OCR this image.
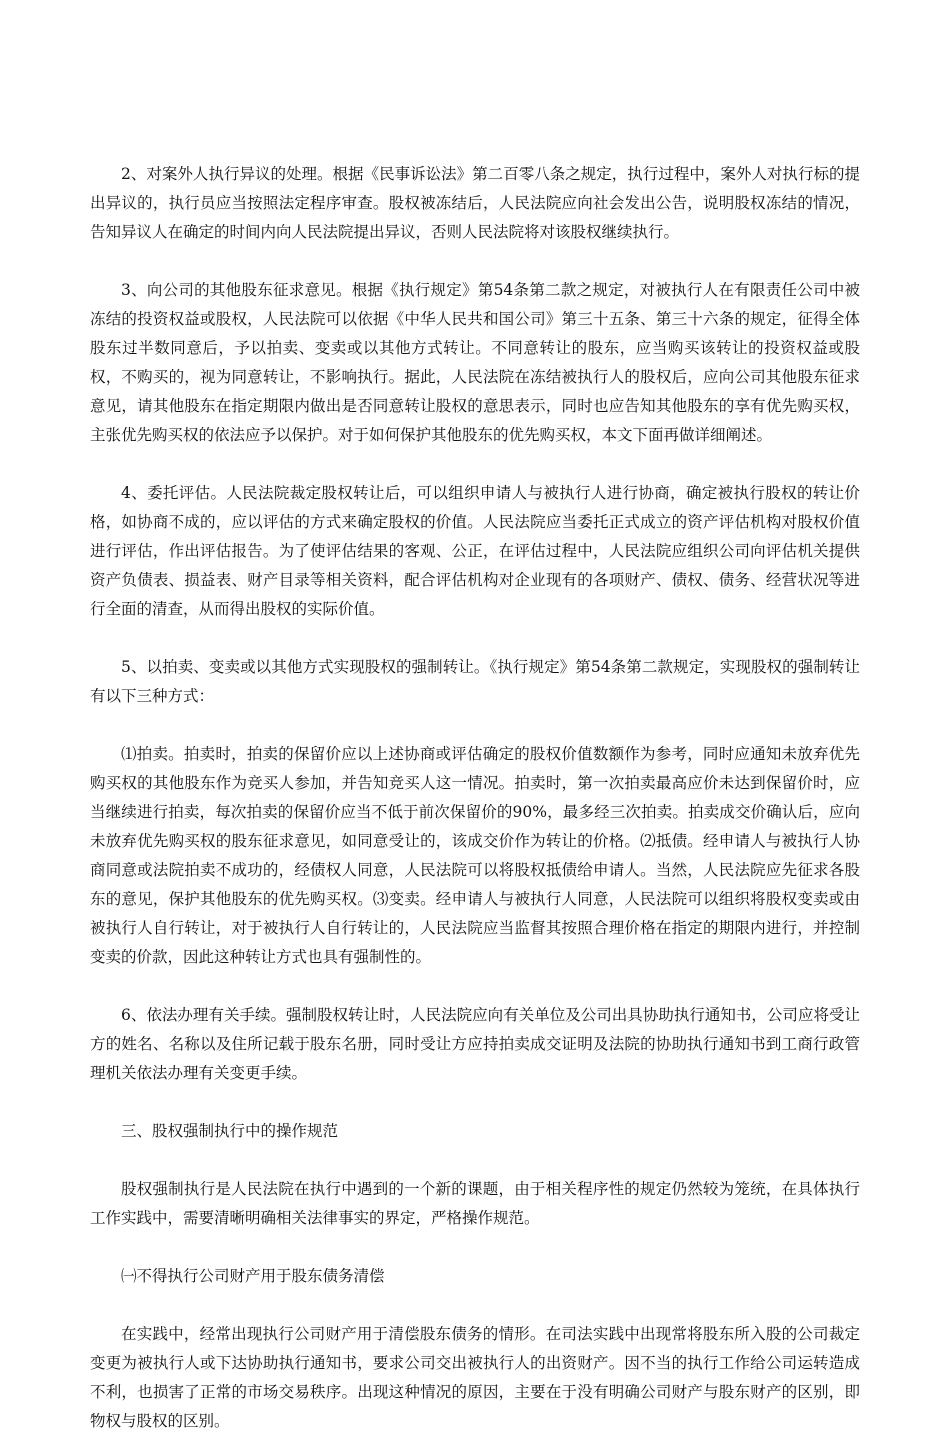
2、对案外人执行异议的处理。根据《民事诉讼法》第二百零八条之规定，执行过程中，案外人对执行标的提出异议的，执行员应当按照法定程序审查。股权被冻结后，人民法院应向社会发出公告，说明股权冻结的情况，告知异议人在确定的时间内向人民法院提出异议，否则人民法院将对该股权继续执行。

3、向公司的其他股东征求意见。根据《执行规定》第54条第二款之规定，对被执行人在有限责任公司中被冻结的投资权益或股权，人民法院可以依据《中华人民共和国公司》第三十五条、第三十六条的规定，征得全体股东过半数同意后，予以拍卖、变卖或以其他方式转让。不同意转让的股东，应当购买该转让的投资权益或股权，不购买的，视为同意转让，不影响执行。据此，人民法院在冻结被执行人的股权后，应向公司其他股东征求意见，请其他股东在指定期限内做出是否同意转让股权的意思表示，同时也应告知其他股东的享有优先购买权，主张优先购买权的依法应予以保护。对于如何保护其他股东的优先购买权，本文下面再做详细阐述。

4、委托评估。人民法院裁定股权转让后，可以组织申请人与被执行人进行协商，确定被执行股权的转让价格，如协商不成的，应以评估的方式来确定股权的价值。人民法院应当委托正式成立的资产评估机构对股权价值进行评估，作出评估报告。为了使评估结果的客观、公正，在评估过程中，人民法院应组织公司向评估机关提供资产负债表、损益表、财产目录等相关资料，配合评估机构对企业现有的各项财产、债权、债务、经营状况等进行全面的清查，从而得出股权的实际价值。

5、以拍卖、变卖或以其他方式实现股权的强制转让。《执行规定》第54条第二款规定，实现股权的强制转让有以下三种方式：

⑴拍卖。拍卖时，拍卖的保留价应以上述协商或评估确定的股权价值数额作为参考，同时应通知未放弃优先购买权的其他股东作为竞买人参加，并告知竞买人这一情况。拍卖时，第一次拍卖最高应价未达到保留价时，应当继续进行拍卖，每次拍卖的保留价应当不低于前次保留价的90%，最多经三次拍卖。拍卖成交价确认后，应向未放弃优先购买权的股东征求意见，如同意受让的，该成交价作为转让的价格。⑵抵债。经申请人与被执行人协商同意或法院拍卖不成功的，经债权人同意，人民法院可以将股权抵债给申请人。当然，人民法院应先征求各股东的意见，保护其他股东的优先购买权。⑶变卖。经申请人与被执行人同意，人民法院可以组织将股权变卖或由被执行人自行转让，对于被执行人自行转让的，人民法院应当监督其按照合理价格在指定的期限内进行，并控制变卖的价款，因此这种转让方式也具有强制性的。

6、依法办理有关手续。强制股权转让时，人民法院应向有关单位及公司出具协助执行通知书，公司应将受让方的姓名、名称以及住所记载于股东名册，同时受让方应持拍卖成交证明及法院的协助执行通知书到工商行政管理机关依法办理有关变更手续。

三、股权强制执行中的操作规范

股权强制执行是人民法院在执行中遇到的一个新的课题，由于相关程序性的规定仍然较为笼统，在具体执行工作实践中，需要清晰明确相关法律事实的界定，严格操作规范。

㈠不得执行公司财产用于股东债务清偿

在实践中，经常出现执行公司财产用于清偿股东债务的情形。在司法实践中出现常将股东所入股的公司裁定变更为被执行人或下达协助执行通知书，要求公司交出被执行人的出资财产。因不当的执行工作给公司运转造成不利，也损害了正常的市场交易秩序。出现这种情况的原因，主要在于没有明确公司财产与股东财产的区别，即物权与股权的区别。
